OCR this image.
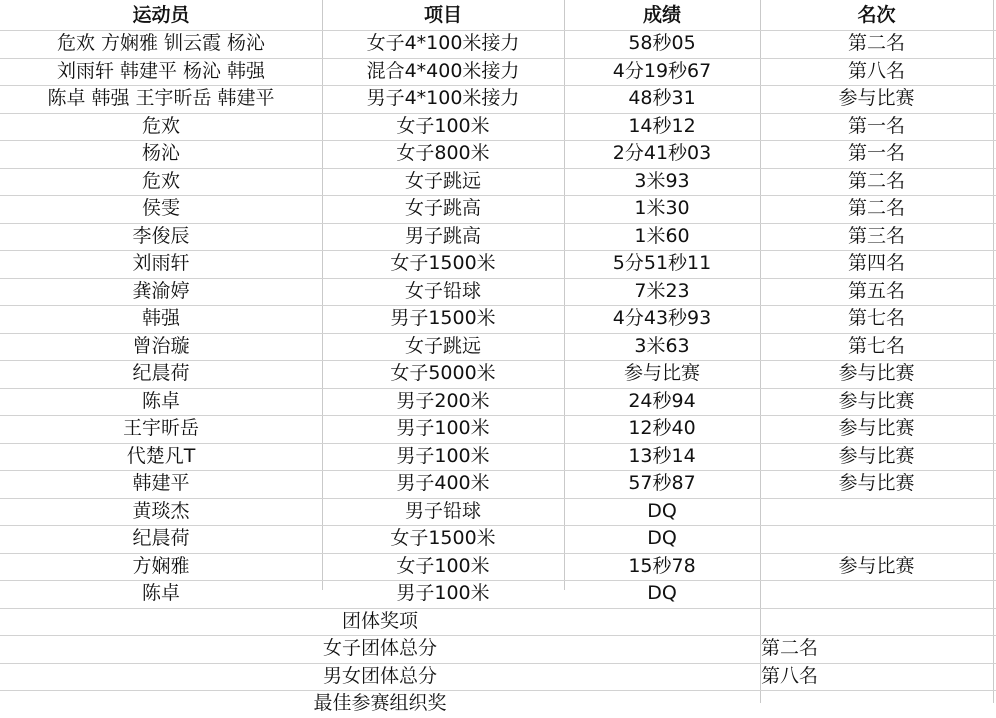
运动员	项目	成绩	名次
危欢 方娴雅 钏云霞 杨沁	女子4*100米接力	58秒05	第二名
刘雨轩 韩建平 杨沁 韩强	混合4*400米接力	4分19秒67	第八名
陈卓 韩强 王宇昕岳 韩建平	男子4*100米接力	48秒31	参与比赛
危欢	女子100米	14秒12	第一名
杨沁	女子800米	2分41秒03	第一名
危欢	女子跳远	3米93	第二名
侯雯	女子跳高	1米30	第二名
李俊辰	男子跳高	1米60	第三名
刘雨轩	女子1500米	5分51秒11	第四名
龚渝婷	女子铅球	7米23	第五名
韩强	男子1500米	4分43秒93	第七名
曾治璇	女子跳远	3米63	第七名
纪晨荷	女子5000米	参与比赛	参与比赛
陈卓	男子200米	24秒94	参与比赛
王宇昕岳	男子100米	12秒40	参与比赛
代楚凡T	男子100米	13秒14	参与比赛
韩建平	男子400米	57秒87	参与比赛
黄琰杰	男子铅球	DQ
纪晨荷	女子1500米	DQ
方娴雅	女子100米	15秒78	参与比赛
陈卓	男子100米	DQ
团体奖项
女子团体总分	第二名
男女团体总分	第八名
最佳参赛组织奖
